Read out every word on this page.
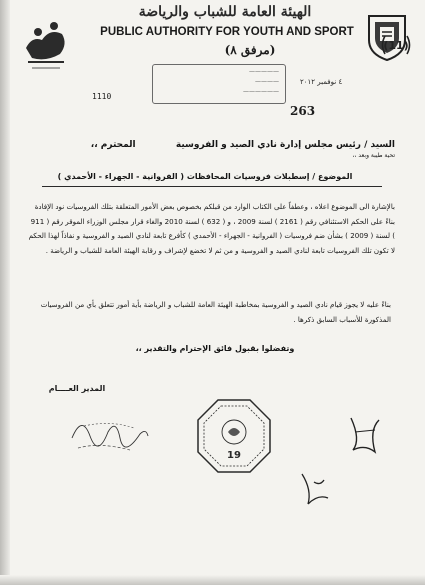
(11)
الهيئة العامة للشباب والرياضة
PUBLIC AUTHORITY FOR YOUTH AND SPORT
(مرفق ٨)
—————
————
——————
٤ نوفمبر ٢٠١٢
1110
263
السيد / رئيس مجلس إدارة نادي الصيد و الفروسية  المحترم ،،
تحية طيبة وبعد ،،
الموضوع / إسطبلات فروسيات المحافظات ( الفروانية - الجهراء - الأحمدي )
بالإشارة الى الموضوع اعلاه ، وعطفاً على الكتاب الوارد من قبلكم بخصوص بعض الأمور المتعلقة بتلك الفروسيات نود الإفادة بناءً على الحكم الاستئنافي رقم ( 2161 ) لسنة 2009 ، و ( 632 ) لسنة 2010 والغاء قرار مجلس الوزراء الموقر رقم ( 911 ) لسنة ( 2009 ) بشأن ضم فروسيات ( الفروانية - الجهراء - الأحمدي ) كأفرع تابعة لنادي الصيد و الفروسية و نفاذاً لهذا الحكم لا تكون تلك الفروسيات تابعة لنادي الصيد و الفروسية و من ثم لا تخضع لإشراف و رقابة الهيئة العامة للشباب و الرياضة .
بناءً عليه لا يجوز قيام نادي الصيد و الفروسية بمخاطبة الهيئة العامة للشباب و الرياضة بأية أمور تتعلق بأي من الفروسيات المذكورة للأسباب السابق ذكرها .
وتفضلوا بقبول فائق الإحترام والتقدير ،،
المدير العــــام
19
